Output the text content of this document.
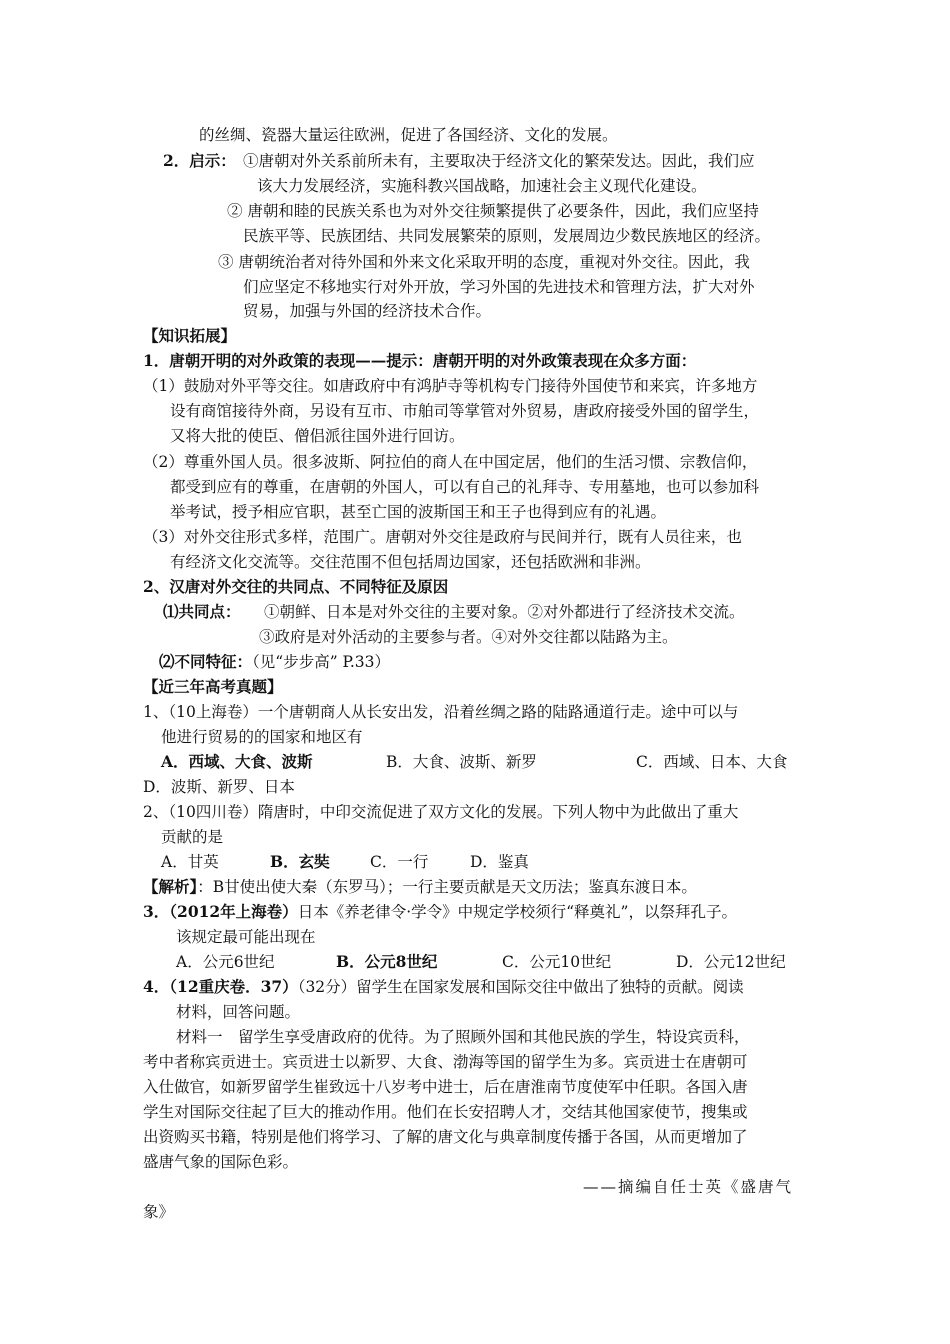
的丝绸、瓷器大量运往欧洲，促进了各国经济、文化的发展。
2．启示： ①唐朝对外关系前所未有，主要取决于经济文化的繁荣发达。因此，我们应
该大力发展经济，实施科教兴国战略，加速社会主义现代化建设。
② 唐朝和睦的民族关系也为对外交往频繁提供了必要条件，因此，我们应坚持
民族平等、民族团结、共同发展繁荣的原则，发展周边少数民族地区的经济。
③ 唐朝统治者对待外国和外来文化采取开明的态度，重视对外交往。因此，我
们应坚定不移地实行对外开放，学习外国的先进技术和管理方法，扩大对外
贸易，加强与外国的经济技术合作。
【知识拓展】
1．唐朝开明的对外政策的表现——提示：唐朝开明的对外政策表现在众多方面：
（1）鼓励对外平等交往。如唐政府中有鸿胪寺等机构专门接待外国使节和来宾，许多地方
设有商馆接待外商，另设有互市、市舶司等掌管对外贸易，唐政府接受外国的留学生，
又将大批的使臣、僧侣派往国外进行回访。
（2）尊重外国人员。很多波斯、阿拉伯的商人在中国定居，他们的生活习惯、宗教信仰，
都受到应有的尊重，在唐朝的外国人，可以有自己的礼拜寺、专用墓地，也可以参加科
举考试，授予相应官职，甚至亡国的波斯国王和王子也得到应有的礼遇。
（3）对外交往形式多样，范围广。唐朝对外交往是政府与民间并行，既有人员往来，也
有经济文化交流等。交往范围不但包括周边国家，还包括欧洲和非洲。
2、汉唐对外交往的共同点、不同特征及原因
⑴共同点： ①朝鲜、日本是对外交往的主要对象。②对外都进行了经济技术交流。
③政府是对外活动的主要参与者。④对外交往都以陆路为主。
⑵不同特征：（见“步步高” P.33）
【近三年高考真题】
1、（10上海卷）一个唐朝商人从长安出发，沿着丝绸之路的陆路通道行走。途中可以与
他进行贸易的的国家和地区有
A．西域、大食、波斯	B．大食、波斯、新罗	C．西域、日本、大食
D．波斯、新罗、日本
2、（10四川卷）隋唐时，中印交流促进了双方文化的发展。下列人物中为此做出了重大
贡献的是
A．甘英	B．玄奘	C．一行	D．鉴真
【解析】：B甘使出使大秦（东罗马）；一行主要贡献是天文历法；鉴真东渡日本。
3．（2012年上海卷）日本《养老律令·学令》中规定学校须行“释奠礼”，以祭拜孔子。
该规定最可能出现在
A．公元6世纪	B．公元8世纪	C．公元10世纪	D．公元12世纪
4．（12重庆卷．37）（32分）留学生在国家发展和国际交往中做出了独特的贡献。阅读
材料，回答问题。
材料一　留学生享受唐政府的优待。为了照顾外国和其他民族的学生，特设宾贡科，
考中者称宾贡进士。宾贡进士以新罗、大食、渤海等国的留学生为多。宾贡进士在唐朝可
入仕做官，如新罗留学生崔致远十八岁考中进士，后在唐淮南节度使军中任职。各国入唐
学生对国际交往起了巨大的推动作用。他们在长安招聘人才，交结其他国家使节，搜集或
出资购买书籍，特别是他们将学习、了解的唐文化与典章制度传播于各国，从而更增加了
盛唐气象的国际色彩。
——摘编自任士英《盛唐气
象》
